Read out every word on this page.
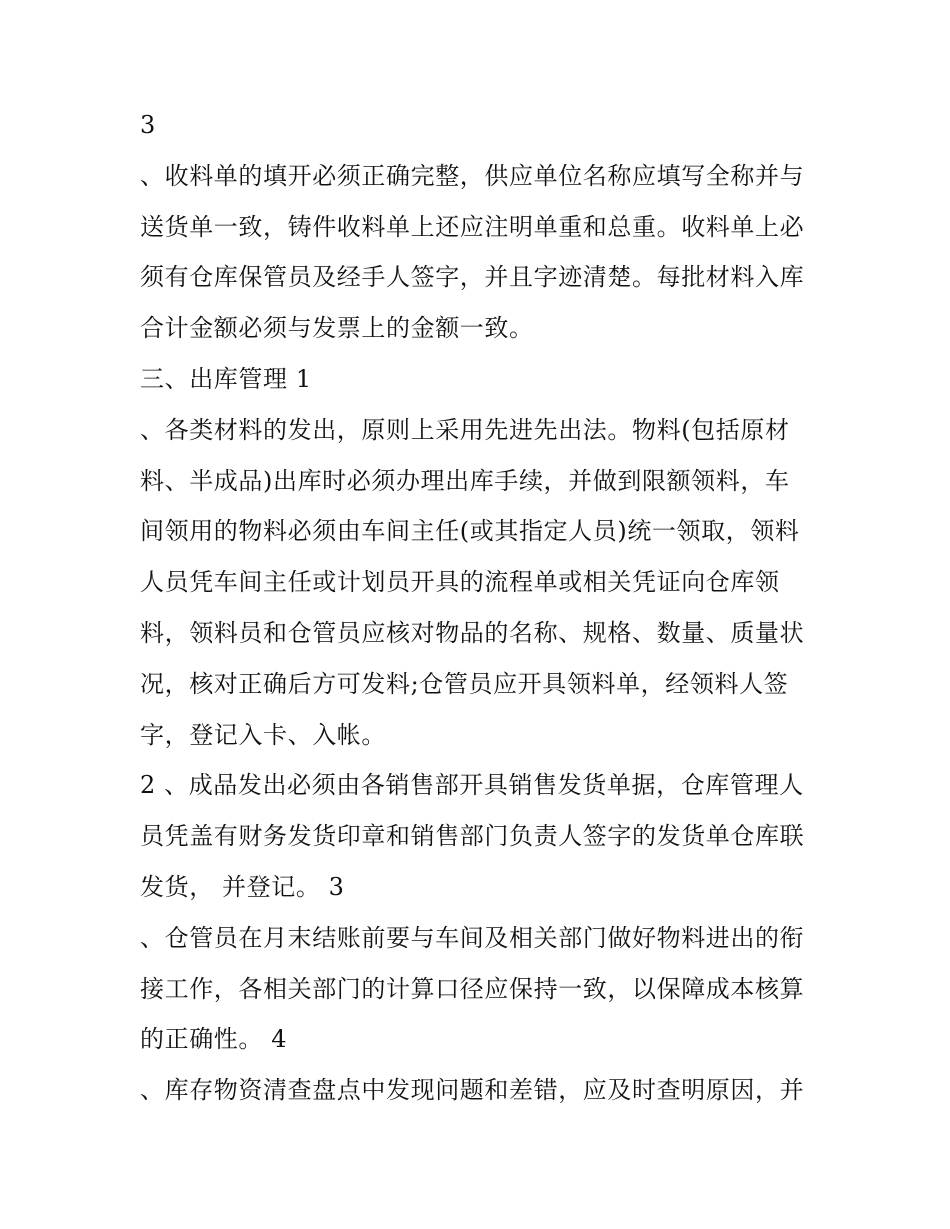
3
、收料单的填开必须正确完整，供应单位名称应填写全称并与
送货单一致，铸件收料单上还应注明单重和总重。收料单上必
须有仓库保管员及经手人签字，并且字迹清楚。每批材料入库
合计金额必须与发票上的金额一致。
三、出库管理 1
、各类材料的发出，原则上采用先进先出法。物料(包括原材
料、半成品)出库时必须办理出库手续，并做到限额领料，车
间领用的物料必须由车间主任(或其指定人员)统一领取，领料
人员凭车间主任或计划员开具的流程单或相关凭证向仓库领
料，领料员和仓管员应核对物品的名称、规格、数量、质量状
况，核对正确后方可发料;仓管员应开具领料单，经领料人签
字，登记入卡、入帐。
2 、成品发出必须由各销售部开具销售发货单据，仓库管理人
员凭盖有财务发货印章和销售部门负责人签字的发货单仓库联
发货， 并登记。 3
、仓管员在月末结账前要与车间及相关部门做好物料进出的衔
接工作，各相关部门的计算口径应保持一致，以保障成本核算
的正确性。 4
、库存物资清查盘点中发现问题和差错，应及时查明原因，并
